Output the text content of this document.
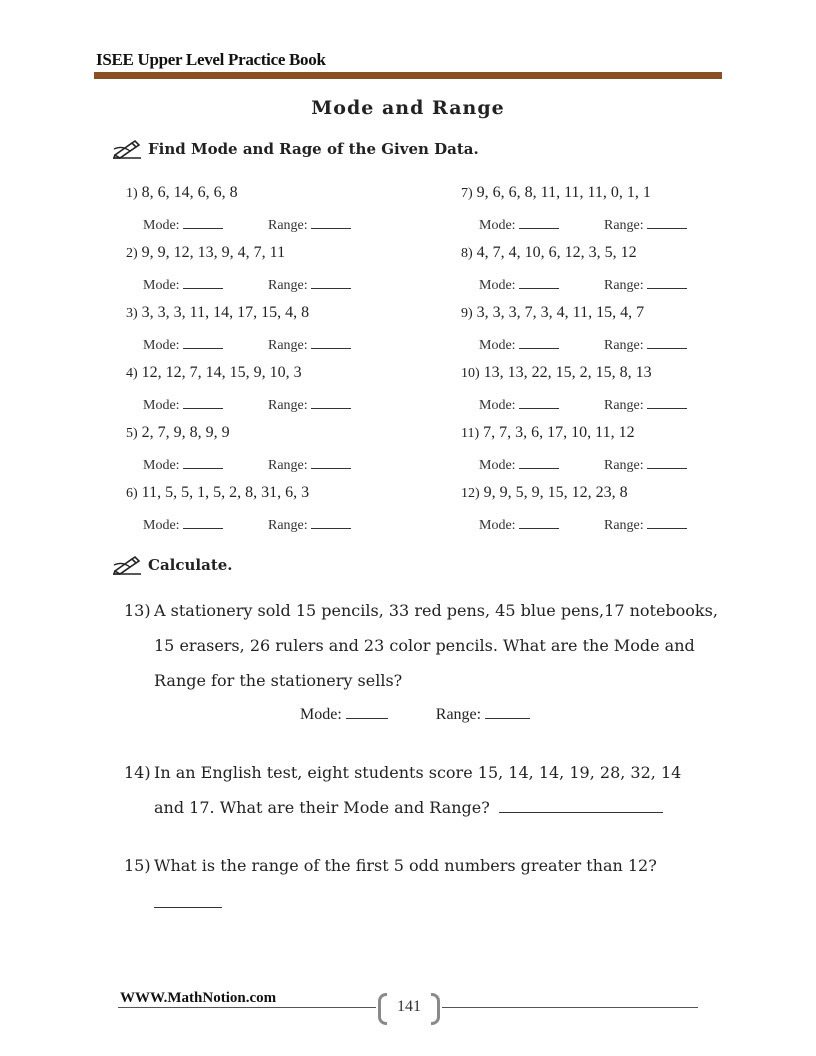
ISEE Upper Level Practice Book
Mode and Range
Find Mode and Rage of the Given Data.
1) 8, 6, 14, 6, 6, 8
Mode:	Range:
2) 9, 9, 12, 13, 9, 4, 7, 11
Mode:	Range:
3) 3, 3, 3, 11, 14, 17, 15, 4, 8
Mode:	Range:
4) 12, 12, 7, 14, 15, 9, 10, 3
Mode:	Range:
5) 2, 7, 9, 8, 9, 9
Mode:	Range:
6) 11, 5, 5, 1, 5, 2, 8, 31, 6, 3
Mode:	Range:
7) 9, 6, 6, 8, 11, 11, 11, 0, 1, 1
Mode:	Range:
8) 4, 7, 4, 10, 6, 12, 3, 5, 12
Mode:	Range:
9) 3, 3, 3, 7, 3, 4, 11, 15, 4, 7
Mode:	Range:
10) 13, 13, 22, 15, 2, 15, 8, 13
Mode:	Range:
11) 7, 7, 3, 6, 17, 10, 11, 12
Mode:	Range:
12) 9, 9, 5, 9, 15, 12, 23, 8
Mode:	Range:
Calculate.
13) A stationery sold 15 pencils, 33 red pens, 45 blue pens,17 notebooks, 15 erasers, 26 rulers and 23 color pencils. What are the Mode and Range for the stationery sells?
Mode:	Range:
14) In an English test, eight students score 15, 14, 14, 19, 28, 32, 14 and 17. What are their Mode and Range?
15) What is the range of the first 5 odd numbers greater than 12?
WWW.MathNotion.com	141
